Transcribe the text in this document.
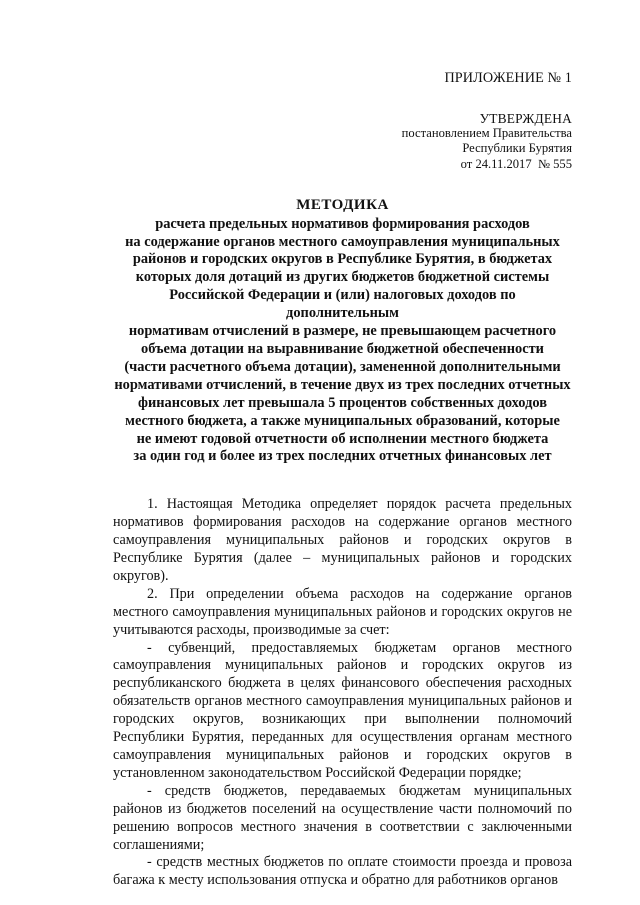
ПРИЛОЖЕНИЕ № 1
УТВЕРЖДЕНА
постановлением Правительства
Республики Бурятия
от 24.11.2017  № 555
МЕТОДИКА
расчета предельных нормативов формирования расходов
на содержание органов местного самоуправления муниципальных
районов и городских округов в Республике Бурятия, в бюджетах
которых доля дотаций из других бюджетов бюджетной системы
Российской Федерации и (или) налоговых доходов по дополнительным
нормативам отчислений в размере, не превышающем расчетного
объема дотации на выравнивание бюджетной обеспеченности
(части расчетного объема дотации), замененной дополнительными
нормативами отчислений, в течение двух из трех последних отчетных
финансовых лет превышала 5 процентов собственных доходов
местного бюджета, а также муниципальных образований, которые
не имеют годовой отчетности об исполнении местного бюджета
за один год и более из трех последних отчетных финансовых лет

1. Настоящая Методика определяет порядок расчета предельных нормативов формирования расходов на содержание органов местного самоуправления муниципальных районов и городских округов в Республике Бурятия (далее – муниципальных районов и городских округов).

2. При определении объема расходов на содержание органов местного самоуправления муниципальных районов и городских округов не учитываются расходы, производимые за счет:

- субвенций, предоставляемых бюджетам органов местного самоуправления муниципальных районов и городских округов из республиканского бюджета в целях финансового обеспечения расходных обязательств органов местного самоуправления муниципальных районов и городских округов, возникающих при выполнении полномочий Республики Бурятия, переданных для осуществления органам местного самоуправления муниципальных районов и городских округов в установленном законодательством Российской Федерации порядке;

- средств бюджетов, передаваемых бюджетам муниципальных районов из бюджетов поселений на осуществление части полномочий по решению вопросов местного значения в соответствии с заключенными соглашениями;

- средств местных бюджетов по оплате стоимости проезда и провоза багажа к месту использования отпуска и обратно для работников органов
